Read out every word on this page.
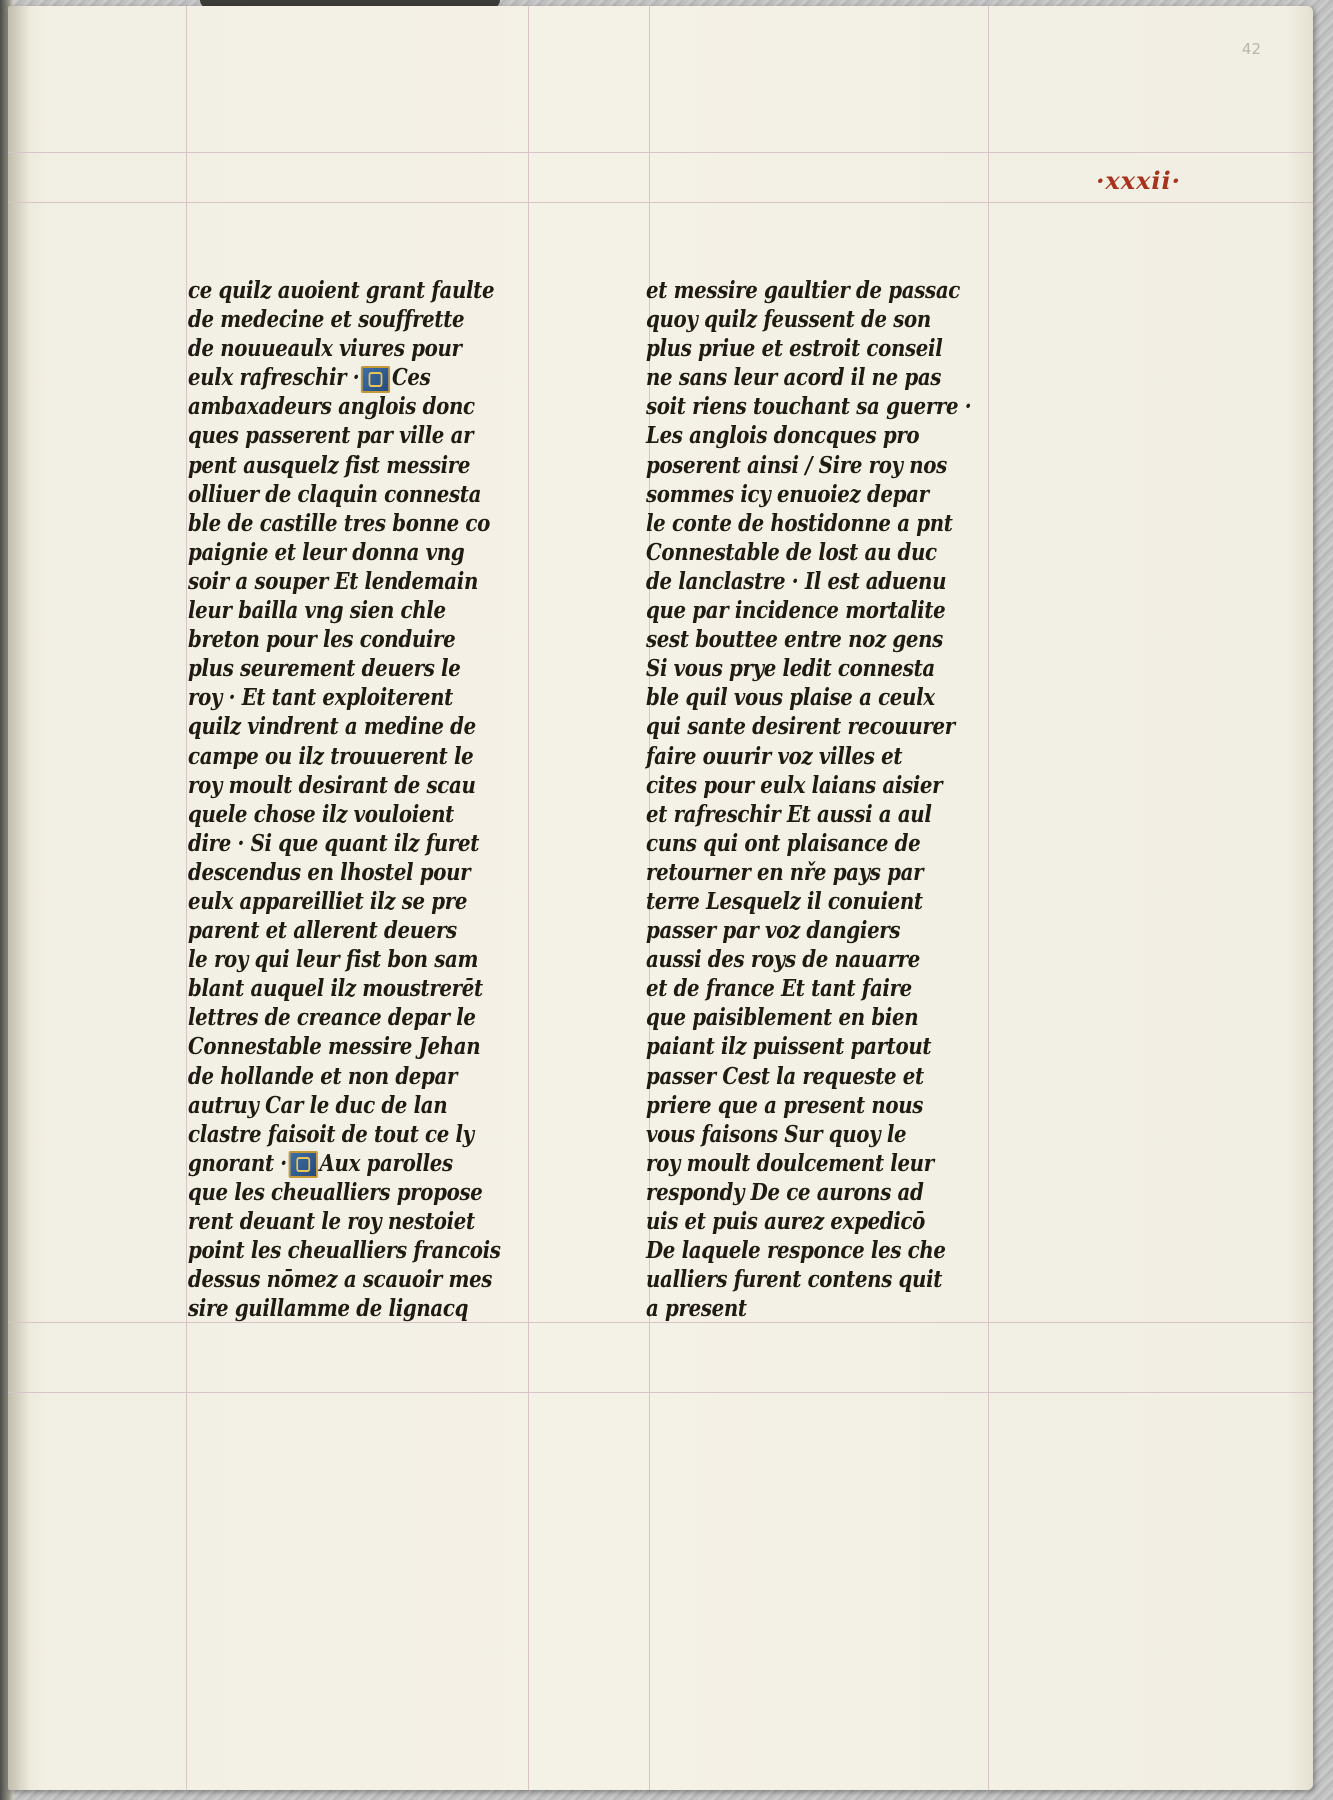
42
·xxxii·
ce quilz auoient grant faulte
de medecine et souffrette
de nouueaulx viures pour
eulx rafreschir · Ces
ambaxadeurs anglois donc
ques passerent par ville ar
pent ausquelz fist messire
olliuer de claquin connesta
ble de castille tres bonne co
paignie et leur donna vng
soir a souper Et lendemain
leur bailla vng sien chle
breton pour les conduire
plus seurement deuers le
roy · Et tant exploiterent
quilz vindrent a medine de
campe ou ilz trouuerent le
roy moult desirant de scau
quele chose ilz vouloient
dire · Si que quant ilz furet
descendus en lhostel pour
eulx appareilliet ilz se pre
parent et allerent deuers
le roy qui leur fist bon sam
blant auquel ilz moustrerēt
lettres de creance depar le
Connestable messire Jehan
de hollande et non depar
autruy Car le duc de lan
clastre faisoit de tout ce ly
gnorant · Aux parolles
que les cheualliers propose
rent deuant le roy nestoiet
point les cheualliers francois
dessus nōmez a scauoir mes
sire guillamme de lignacq
et messire gaultier de passac
quoy quilz feussent de son
plus priue et estroit conseil
ne sans leur acord il ne pas
soit riens touchant sa guerre ·
Les anglois doncques pro
poserent ainsi / Sire roy nos
sommes icy enuoiez depar
le conte de hostidonne a pnt
Connestable de lost au duc
de lanclastre · Il est aduenu
que par incidence mortalite
sest bouttee entre noz gens
Si vous prye ledit connesta
ble quil vous plaise a ceulx
qui sante desirent recouurer
faire ouurir voz villes et
cites pour eulx laians aisier
et rafreschir Et aussi a aul
cuns qui ont plaisance de
retourner en nře pays par
terre Lesquelz il conuient
passer par voz dangiers
aussi des roys de nauarre
et de france Et tant faire
que paisiblement en bien
paiant ilz puissent partout
passer Cest la requeste et
priere que a present nous
vous faisons Sur quoy le
roy moult doulcement leur
respondy De ce aurons ad
uis et puis aurez expedicō
De laquele responce les che
ualliers furent contens quit
a present
